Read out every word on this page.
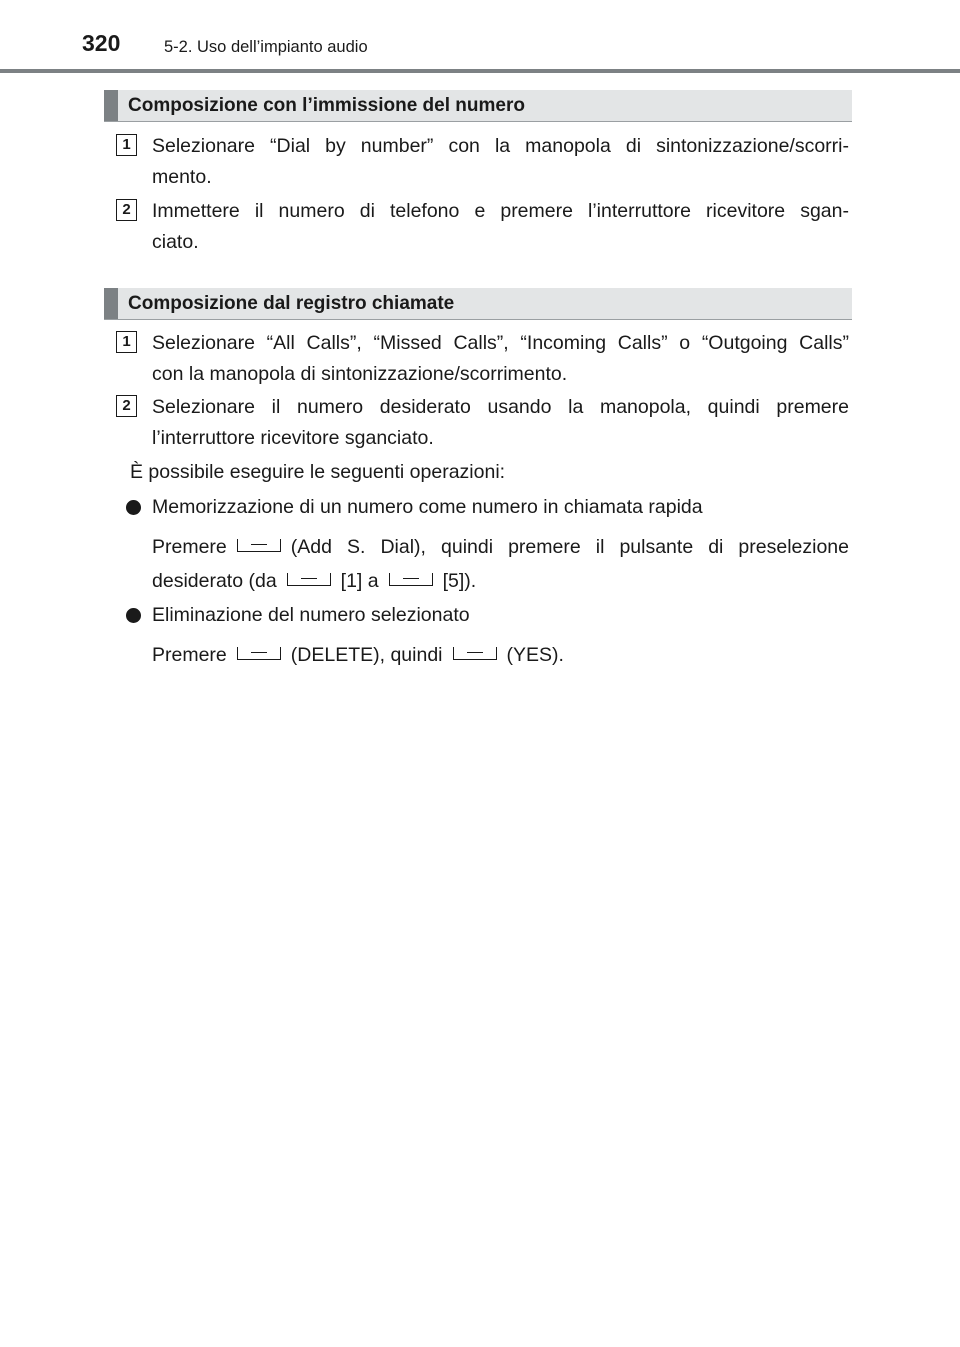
320	5-2. Uso dell’impianto audio
Composizione con l’immissione del numero
1	Selezionare “Dial by number” con la manopola di sintonizzazione/scorri-
mento.
2	Immettere il numero di telefono e premere l’interruttore ricevitore sgan-
ciato.
Composizione dal registro chiamate
1	Selezionare “All Calls”, “Missed Calls”, “Incoming Calls” o “Outgoing Calls”
con la manopola di sintonizzazione/scorrimento.
2	Selezionare il numero desiderato usando la manopola, quindi premere
l’interruttore ricevitore sganciato.
È possibile eseguire le seguenti operazioni:
Memorizzazione di un numero come numero in chiamata rapida
Premere	(Add S. Dial), quindi premere il pulsante di preselezione
desiderato (da	[1] a	[5]).
Eliminazione del numero selezionato
Premere	(DELETE), quindi	(YES).
